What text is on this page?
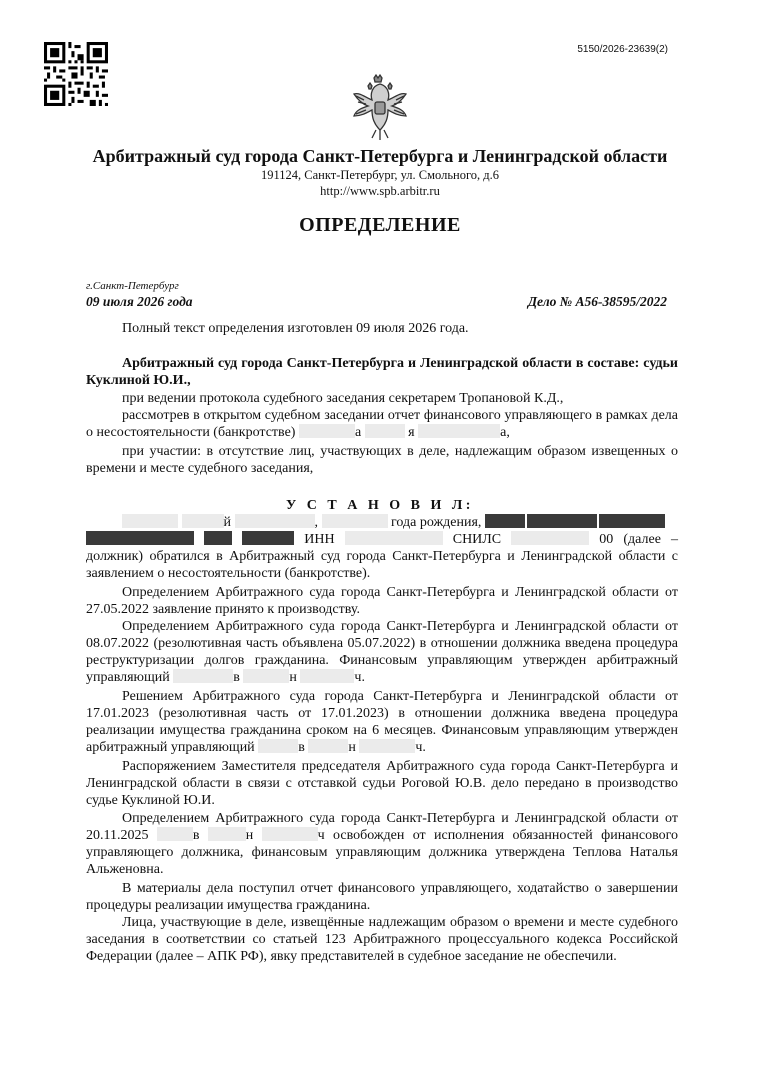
5150/2026-23639(2)
Арбитражный суд города Санкт-Петербурга и Ленинградской области
191124, Санкт-Петербург, ул. Смольного, д.6
http://www.spb.arbitr.ru
ОПРЕДЕЛЕНИЕ
г.Санкт-Петербург
09 июля 2026 года	Дело № А56-38595/2022
Полный текст определения изготовлен 09 июля 2026 года.
Арбитражный суд города Санкт-Петербурга и Ленинградской области в составе: судьи Куклиной Ю.И.,
при ведении протокола судебного заседания секретарем Тропановой К.Д.,
рассмотрев в открытом судебном заседании отчет финансового управляющего в рамках дела о несостоятельности (банкротстве)	а	я	а,
при участии: в отсутствие лиц, участвующих в деле, надлежащим образом извещенных о времени и месте судебного заседания,
У С Т А Н О В И Л:
й	,	года рождения,
ИНН	СНИЛС	00 (далее – должник) обратился в Арбитражный суд города Санкт-Петербурга и Ленинградской области с заявлением о несостоятельности (банкротстве).
Определением Арбитражного суда города Санкт-Петербурга и Ленинградской области от 27.05.2022 заявление принято к производству.
Определением Арбитражного суда города Санкт-Петербурга и Ленинградской области от 08.07.2022 (резолютивная часть объявлена 05.07.2022) в отношении должника введена процедура реструктуризации долгов гражданина. Финансовым управляющим утвержден арбитражный управляющий	в	н	ч.
Решением Арбитражного суда города Санкт-Петербурга и Ленинградской области от 17.01.2023 (резолютивная часть от 17.01.2023) в отношении должника введена процедура реализации имущества гражданина сроком на 6 месяцев. Финансовым управляющим утвержден арбитражный управляющий	в	н	ч.
Распоряжением Заместителя председателя Арбитражного суда города Санкт-Петербурга и Ленинградской области в связи с отставкой судьи Роговой Ю.В. дело передано в производство судье Куклиной Ю.И.
Определением Арбитражного суда города Санкт-Петербурга и Ленинградской области от 20.11.2025	в	н	ч освобожден от исполнения обязанностей финансового управляющего должника, финансовым управляющим должника утверждена Теплова Наталья Альженовна.
В материалы дела поступил отчет финансового управляющего, ходатайство о завершении процедуры реализации имущества гражданина.
Лица, участвующие в деле, извещённые надлежащим образом о времени и месте судебного заседания в соответствии со статьей 123 Арбитражного процессуального кодекса Российской Федерации (далее – АПК РФ), явку представителей в судебное заседание не обеспечили.
